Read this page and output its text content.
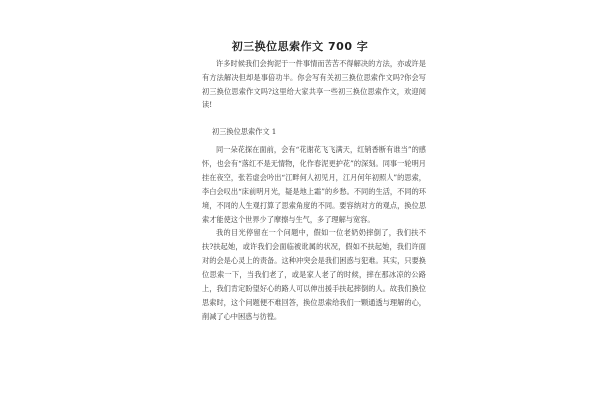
初三换位思索作文 700 字
许多时候我们会拘泥于一件事情而苦苦不得解决的方法，亦或许是有方法解决但却是事倍功半。你会写有关初三换位思索作文吗?你会写初三换位思索作文吗?这里给大家共享一些初三换位思索作文，欢迎阅读!
初三换位思索作文 1

同一朵花探在面前，会有“花谢花飞飞满天，红销香断有谁当”的感怀，也会有“落红不是无情物，化作春泥更护花”的深刻。同事一轮明月挂在夜空，张若虚会吟出“江畔何人初见月，江月何年初照人”的思索，李白会叹出“床前明月光，疑是地上霜”的乡愁。不同的生活，不同的环境，不同的人生观打算了思索角度的不同。要容纳对方的观点，换位思索才能使这个世界少了摩擦与生气，多了理解与宽容。

我的目光停留在一个问题中，假如一位老奶奶摔倒了，我们扶不扶?扶起她，或许我们会面临被讹属的状况，假如不扶起她，我们许面对的会是心灵上的责备。这种冲突会是我们困惑与犯难。其实，只要换位思索一下，当我们老了，或是家人老了的时候，摔在那冰凉的公路上，我们肯定盼望好心的路人可以伸出援手扶起摔倒的人。故我们换位思索时，这个问题便不难回答，换位思索给我们一颗通透与理解的心，削减了心中困惑与彷徨。
